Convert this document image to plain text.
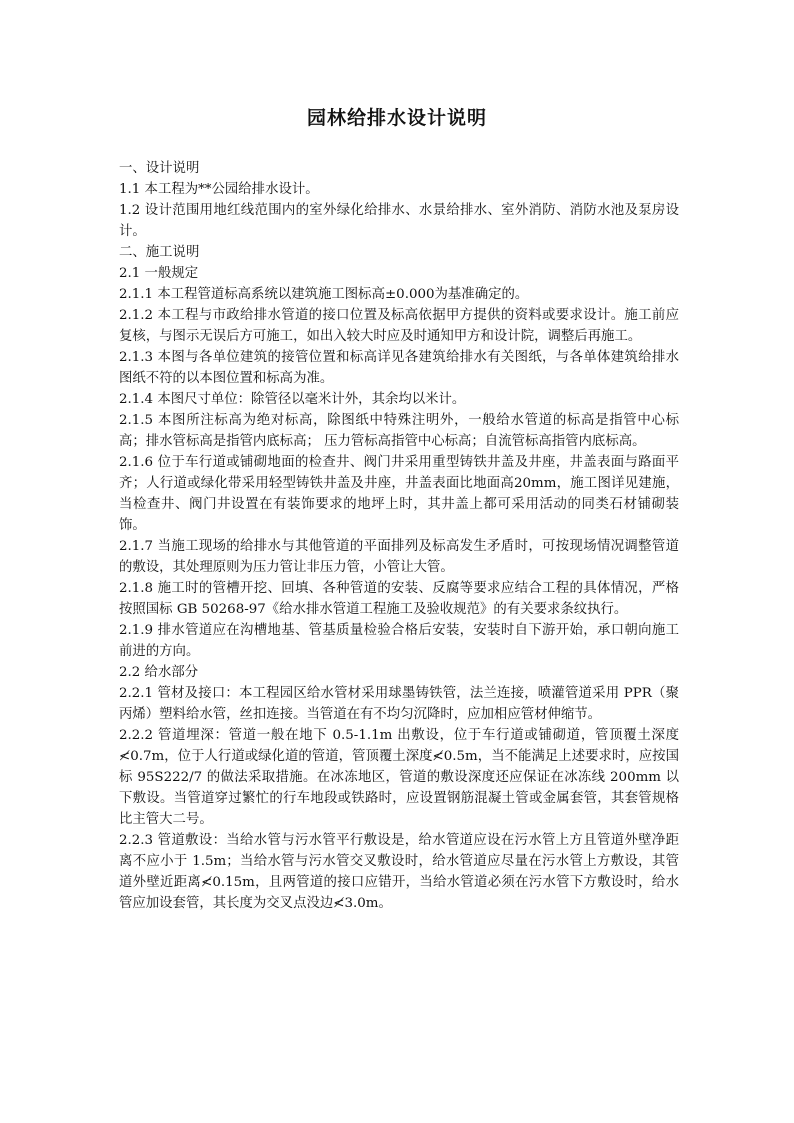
园林给排水设计说明

一、设计说明

1.1 本工程为**公园给排水设计。

1.2 设计范围用地红线范围内的室外绿化给排水、水景给排水、室外消防、消防水池及泵房设计。

二、施工说明

2.1 一般规定

2.1.1 本工程管道标高系统以建筑施工图标高±0.000为基准确定的。

2.1.2 本工程与市政给排水管道的接口位置及标高依据甲方提供的资料或要求设计。施工前应复核，与图示无误后方可施工，如出入较大时应及时通知甲方和设计院，调整后再施工。

2.1.3 本图与各单位建筑的接管位置和标高详见各建筑给排水有关图纸，与各单体建筑给排水图纸不符的以本图位置和标高为准。

2.1.4 本图尺寸单位：除管径以毫米计外，其余均以米计。

2.1.5 本图所注标高为绝对标高，除图纸中特殊注明外，一般给水管道的标高是指管中心标高；排水管标高是指管内底标高； 压力管标高指管中心标高；自流管标高指管内底标高。

2.1.6 位于车行道或铺砌地面的检查井、阀门井采用重型铸铁井盖及井座，井盖表面与路面平齐；人行道或绿化带采用轻型铸铁井盖及井座，井盖表面比地面高20mm，施工图详见建施，当检查井、阀门井设置在有装饰要求的地坪上时，其井盖上都可采用活动的同类石材铺砌装饰。

2.1.7 当施工现场的给排水与其他管道的平面排列及标高发生矛盾时，可按现场情况调整管道的敷设，其处理原则为压力管让非压力管，小管让大管。

2.1.8 施工时的管槽开挖、回填、各种管道的安装、反腐等要求应结合工程的具体情况，严格按照国标 GB 50268-97《给水排水管道工程施工及验收规范》的有关要求条纹执行。

2.1.9 排水管道应在沟槽地基、管基质量检验合格后安装，安装时自下游开始，承口朝向施工前进的方向。

2.2 给水部分

2.2.1 管材及接口：本工程园区给水管材采用球墨铸铁管，法兰连接，喷灌管道采用 PPR（聚丙烯）塑料给水管，丝扣连接。当管道在有不均匀沉降时，应加相应管材伸缩节。

2.2.2 管道埋深：管道一般在地下 0.5-1.1m 出敷设，位于车行道或铺砌道，管顶覆土深度≮0.7m，位于人行道或绿化道的管道，管顶覆土深度≮0.5m，当不能满足上述要求时，应按国标 95S222/7 的做法采取措施。在冰冻地区，管道的敷设深度还应保证在冰冻线 200mm 以下敷设。当管道穿过繁忙的行车地段或铁路时，应设置钢筋混凝土管或金属套管，其套管规格比主管大二号。

2.2.3 管道敷设：当给水管与污水管平行敷设是，给水管道应设在污水管上方且管道外壁净距离不应小于 1.5m；当给水管与污水管交叉敷设时，给水管道应尽量在污水管上方敷设，其管道外壁近距离≮0.15m，且两管道的接口应错开，当给水管道必须在污水管下方敷设时，给水管应加设套管，其长度为交叉点没边≮3.0m。
